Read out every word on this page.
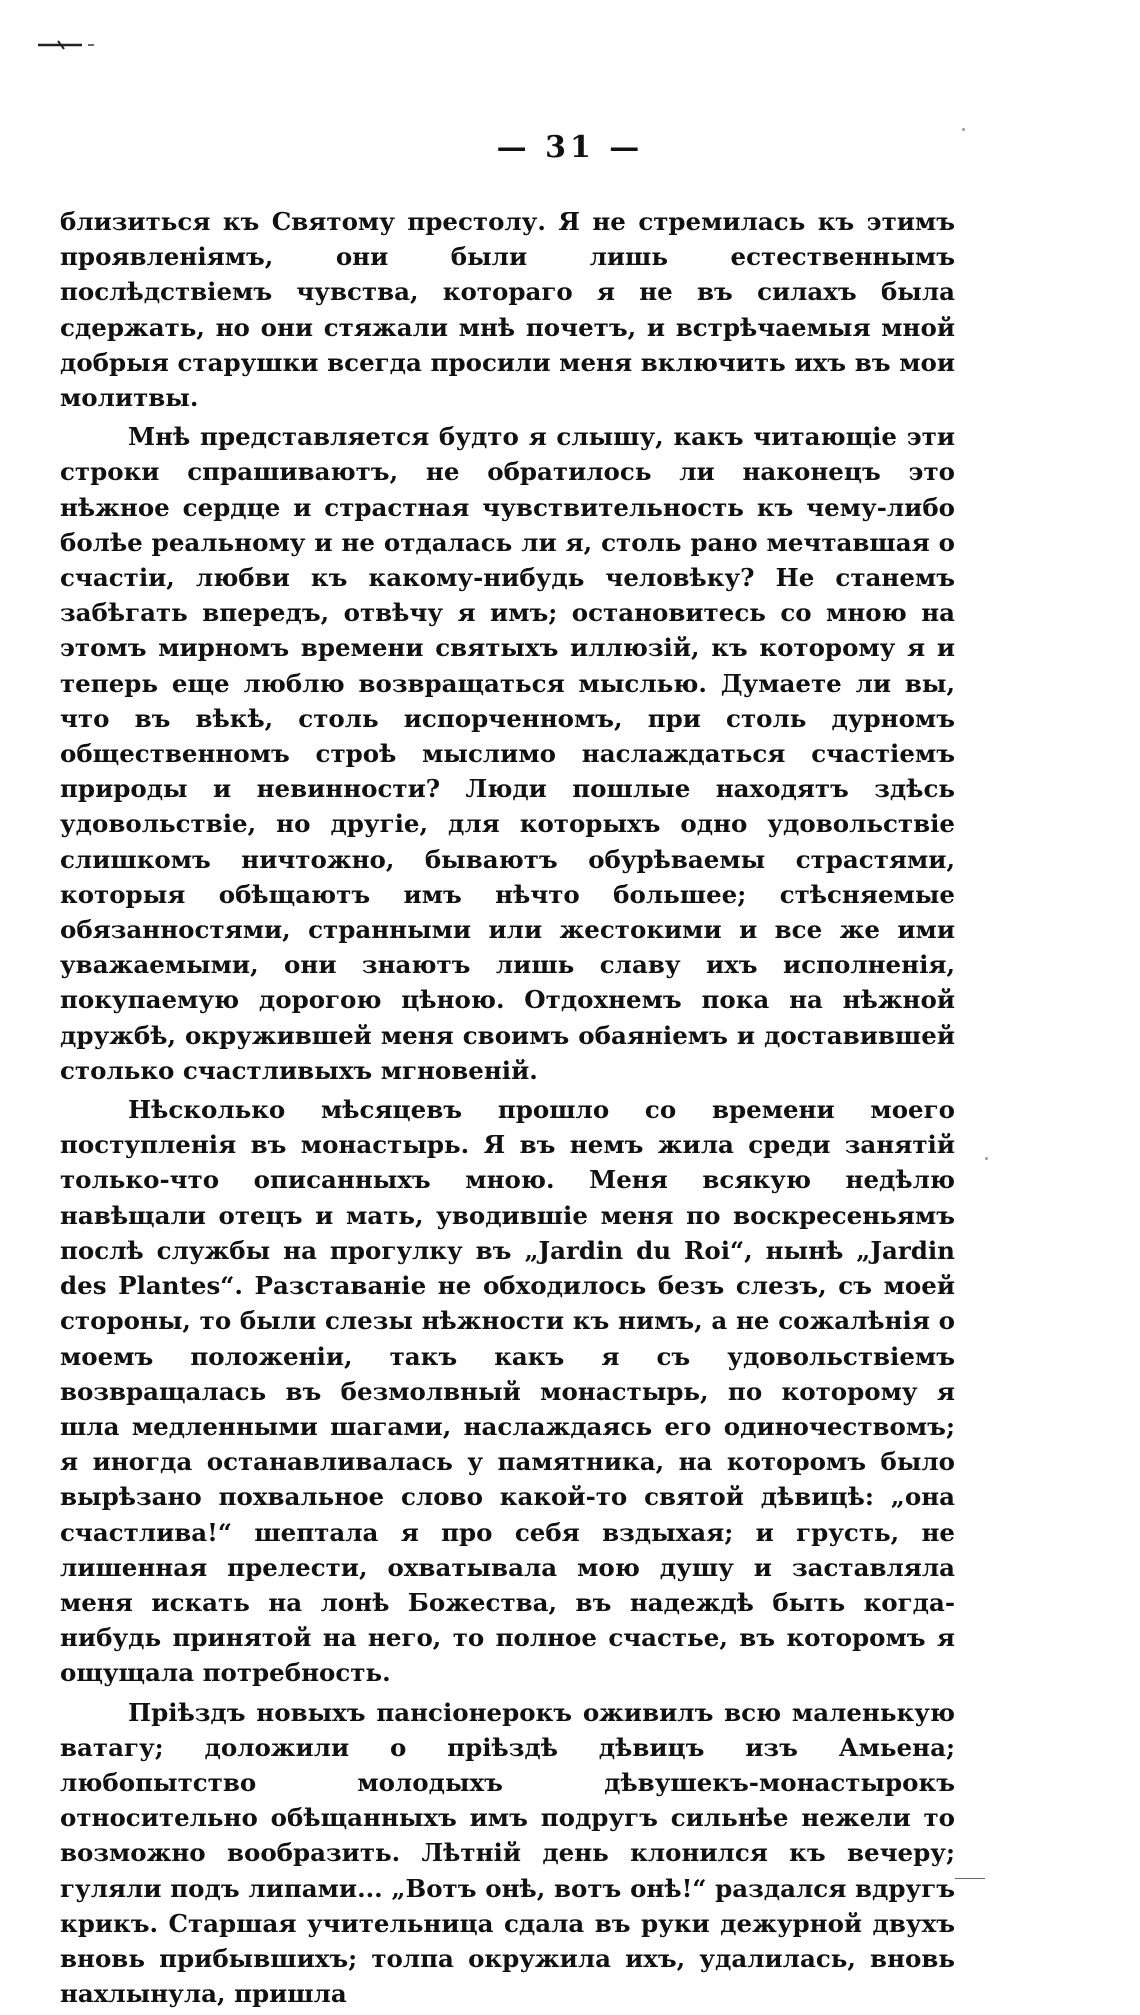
— 31 —

близиться къ Святому престолу. Я не стремилась къ этимъ проявленіямъ, они были лишь естественнымъ послѣдствіемъ чувства, котораго я не въ силахъ была сдержать, но они стяжали мнѣ почетъ, и встрѣчаемыя мной добрыя старушки всегда просили меня включить ихъ въ мои молитвы.

Мнѣ представляется будто я слышу, какъ читающіе эти строки спрашиваютъ, не обратилось ли наконецъ это нѣжное сердце и страстная чувствительность къ чему-либо болѣе реальному и не отдалась ли я, столь рано мечтавшая о счастіи, любви къ какому-нибудь человѣку? Не станемъ забѣгать впередъ, отвѣчу я имъ; остановитесь со мною на этомъ мирномъ времени святыхъ иллюзій, къ которому я и теперь еще люблю возвращаться мыслью. Думаете ли вы, что въ вѣкѣ, столь испорченномъ, при столь дурномъ общественномъ строѣ мыслимо наслаждаться счастіемъ природы и невинности? Люди пошлые находятъ здѣсь удовольствіе, но другіе, для которыхъ одно удовольствіе слишкомъ ничтожно, бываютъ обурѣваемы страстями, которыя обѣщаютъ имъ нѣчто большее; стѣсняемые обязанностями, странными или жестокими и все же ими уважаемыми, они знаютъ лишь славу ихъ исполненія, покупаемую дорогою цѣною. Отдохнемъ пока на нѣжной дружбѣ, окружившей меня своимъ обаяніемъ и доставившей столько счастливыхъ мгновеній.

Нѣсколько мѣсяцевъ прошло со времени моего поступленія въ монастырь. Я въ немъ жила среди занятій только-что описанныхъ мною. Меня всякую недѣлю навѣщали отецъ и мать, уводившіе меня по воскресеньямъ послѣ службы на прогулку въ „Jardin du Roi“, нынѣ „Jardin des Plantes“. Разставаніе не обходилось безъ слезъ, съ моей стороны, то были слезы нѣжности къ нимъ, а не сожалѣнія о моемъ положеніи, такъ какъ я съ удовольствіемъ возвращалась въ безмолвный монастырь, по которому я шла медленными шагами, наслаждаясь его одиночествомъ; я иногда останавливалась у памятника, на которомъ было вырѣзано похвальное слово какой-то святой дѣвицѣ: „она счастлива!“ шептала я про себя вздыхая; и грусть, не лишенная прелести, охватывала мою душу и заставляла меня искать на лонѣ Божества, въ надеждѣ быть когда-нибудь принятой на него, то полное счастье, въ которомъ я ощущала потребность.

Пріѣздъ новыхъ пансіонерокъ оживилъ всю маленькую ватагу; доложили о пріѣздѣ дѣвицъ изъ Амьена; любопытство молодыхъ дѣвушекъ-монастырокъ относительно обѣщанныхъ имъ подругъ сильнѣе нежели то возможно вообразить. Лѣтній день клонился къ вечеру; гуляли подъ липами... „Вотъ онѣ, вотъ онѣ!“ раздался вдругъ крикъ. Старшая учительница сдала въ руки дежурной двухъ вновь прибывшихъ; толпа окружила ихъ, удалилась, вновь нахлынула, пришла
